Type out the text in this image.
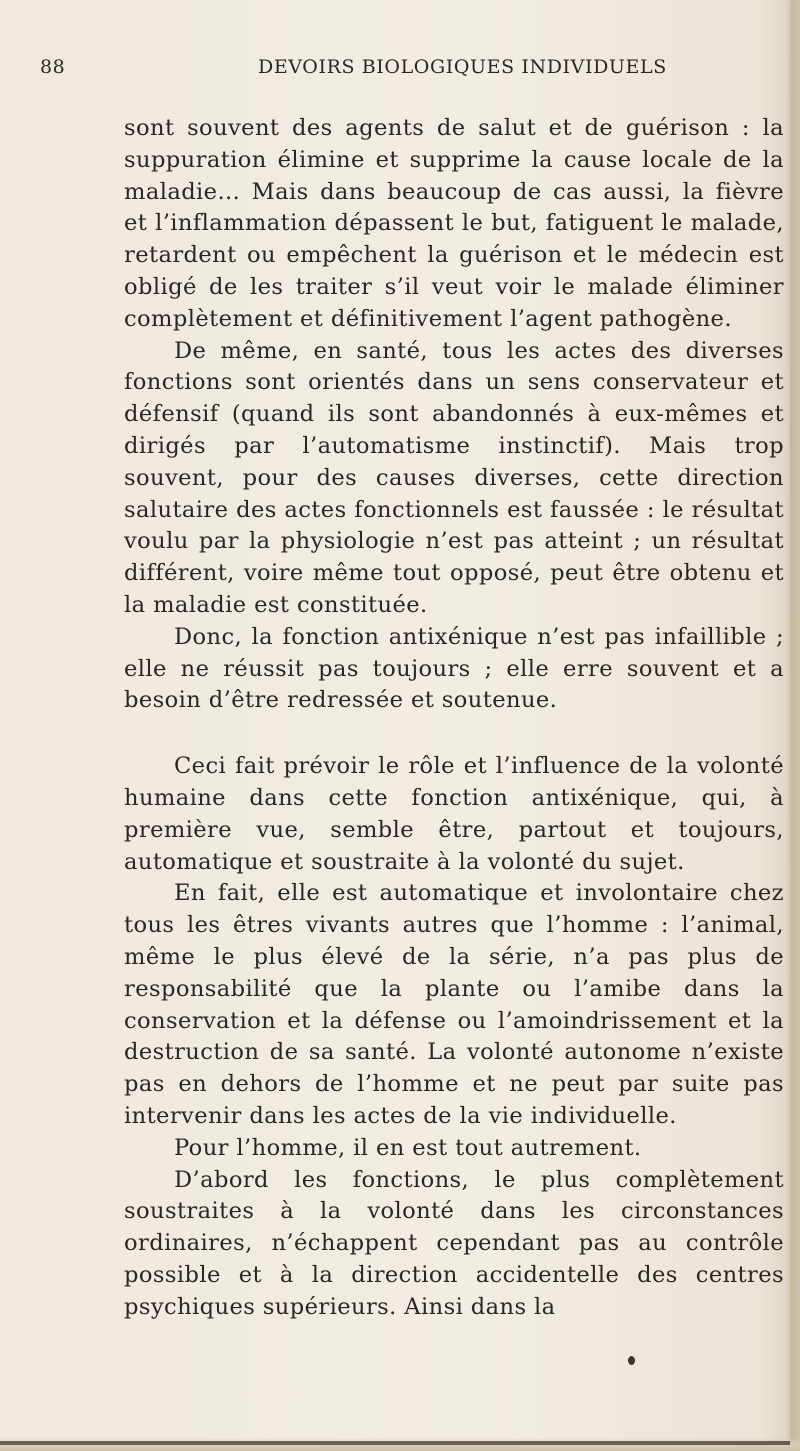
88	DEVOIRS BIOLOGIQUES INDIVIDUELS

sont souvent des agents de salut et de guérison : la suppuration élimine et supprime la cause locale de la maladie... Mais dans beaucoup de cas aussi, la fièvre et l’inflammation dépassent le but, fatiguent le malade, retardent ou empêchent la guérison et le médecin est obligé de les traiter s’il veut voir le malade éliminer complètement et définitivement l’agent pathogène.

De même, en santé, tous les actes des diverses fonctions sont orientés dans un sens conservateur et défensif (quand ils sont abandonnés à eux-mêmes et dirigés par l’automatisme instinctif). Mais trop souvent, pour des causes diverses, cette direction salutaire des actes fonctionnels est faussée : le résultat voulu par la physiologie n’est pas atteint ; un résultat différent, voire même tout opposé, peut être obtenu et la maladie est constituée.

Donc, la fonction antixénique n’est pas infaillible ; elle ne réussit pas toujours ; elle erre souvent et a besoin d’être redressée et soutenue.

Ceci fait prévoir le rôle et l’influence de la volonté humaine dans cette fonction antixénique, qui, à première vue, semble être, partout et toujours, automatique et soustraite à la volonté du sujet.

En fait, elle est automatique et involontaire chez tous les êtres vivants autres que l’homme : l’animal, même le plus élevé de la série, n’a pas plus de responsabilité que la plante ou l’amibe dans la conservation et la défense ou l’amoindrissement et la destruction de sa santé. La volonté autonome n’existe pas en dehors de l’homme et ne peut par suite pas intervenir dans les actes de la vie individuelle.

Pour l’homme, il en est tout autrement.

D’abord les fonctions, le plus complètement soustraites à la volonté dans les circonstances ordinaires, n’échappent cependant pas au contrôle possible et à la direction accidentelle des centres psychiques supérieurs. Ainsi dans la
